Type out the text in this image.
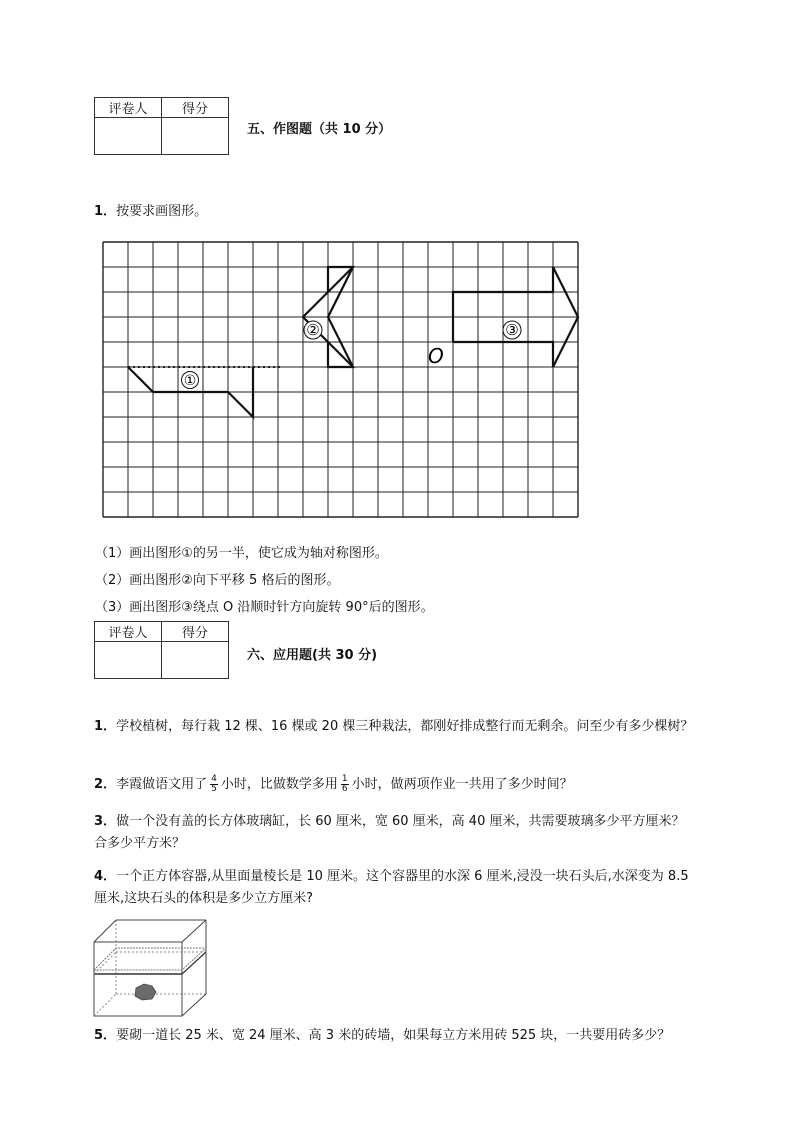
评卷人	得分

五、作图题（共 10 分）
1．按要求画图形。
①
②	③
O
（1）画出图形①的另一半，使它成为轴对称图形。
（2）画出图形②向下平移 5 格后的图形。
（3）画出图形③绕点 O 沿顺时针方向旋转 90°后的图形。
评卷人	得分

六、应用题(共 30 分)
1．学校植树，每行栽 12 棵、16 棵或 20 棵三种栽法，都刚好排成整行而无剩余。问至少有多少棵树？
2．李霞做语文用了 $\frac{4}{5}$ 小时，比做数学多用 $\frac{1}{6}$ 小时，做两项作业一共用了多少时间？
3．做一个没有盖的长方体玻璃缸，长 60 厘米，宽 60 厘米，高 40 厘米，共需要玻璃多少平方厘米？
合多少平方米？
4．一个正方体容器,从里面量棱长是 10 厘米。这个容器里的水深 6 厘米,浸没一块石头后,水深变为 8.5
厘米,这块石头的体积是多少立方厘米?
5．要砌一道长 25 米、宽 24 厘米、高 3 米的砖墙，如果每立方米用砖 525 块，一共要用砖多少？
